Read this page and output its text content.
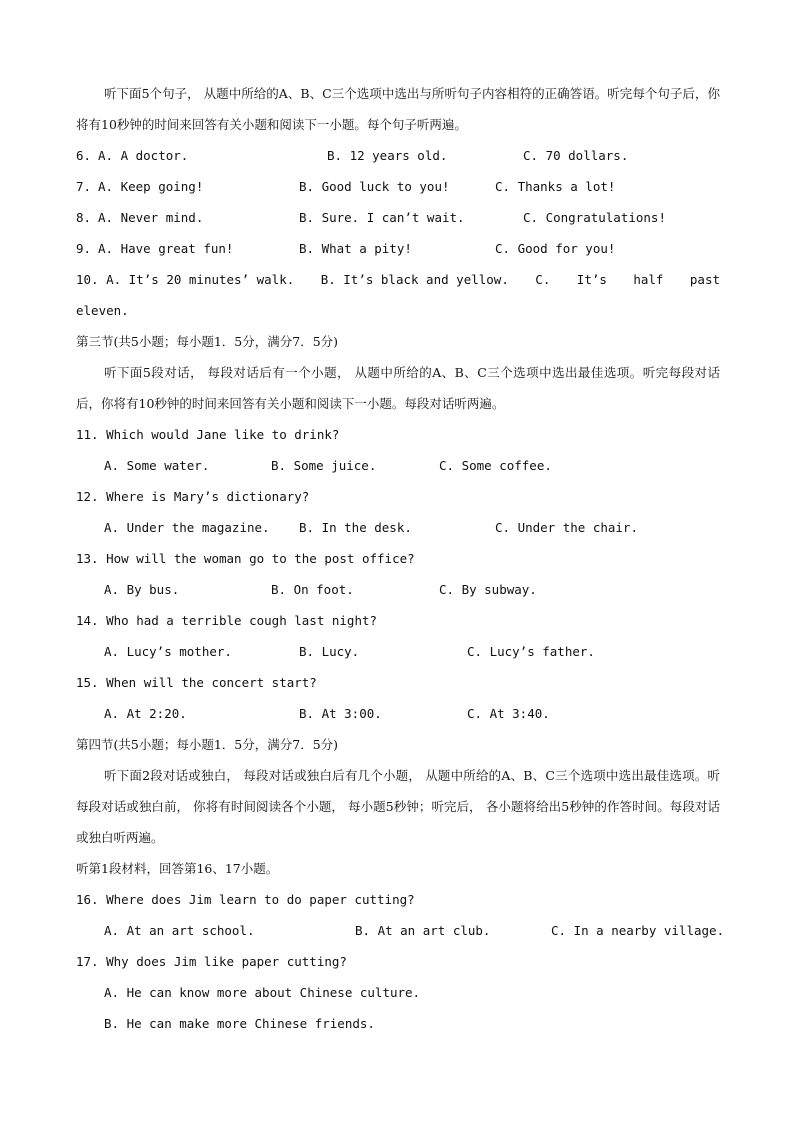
听下面5个句子， 从题中所给的A、B、C三个选项中选出与所听句子内容相符的正确答语。听完每个句子后，你将有10秒钟的时间来回答有关小题和阅读下一小题。每个句子听两遍。

6. A. A doctor.	B. 12 years old.	C. 70 dollars.
7. A. Keep going!	B. Good luck to you!	C. Thanks a lot!
8. A. Never mind.	B. Sure. I can’t wait.	C. Congratulations!
9. A. Have great fun!	B. What a pity!	C. Good for you!
10. A. It’s 20 minutes’ walk. B. It’s black and yellow. C. It’s half past
eleven.
第三节(共5小题；每小题1．5分，满分7．5分)

听下面5段对话， 每段对话后有一个小题， 从题中所给的A、B、C三个选项中选出最佳选项。听完每段对话后，你将有10秒钟的时间来回答有关小题和阅读下一小题。每段对话听两遍。

11. Which would Jane like to drink?
A. Some water.	B. Some juice.	C. Some coffee.
12. Where is Mary’s dictionary?
A. Under the magazine. B. In the desk.	C. Under the chair.
13. How will the woman go to the post office?
A. By bus.	B. On foot.	C. By subway.
14. Who had a terrible cough last night?
A. Lucy’s mother.	B. Lucy.	C. Lucy’s father.
15. When will the concert start?
A. At 2:20.	B. At 3:00.	C. At 3:40.
第四节(共5小题；每小题1．5分，满分7．5分)

听下面2段对话或独白， 每段对话或独白后有几个小题， 从题中所给的A、B、C三个选项中选出最佳选项。听每段对话或独白前， 你将有时间阅读各个小题， 每小题5秒钟；听完后， 各小题将给出5秒钟的作答时间。每段对话或独白听两遍。

听第1段材料，回答第16、17小题。
16. Where does Jim learn to do paper cutting?
A. At an art school.	B. At an art club.	C. In a nearby village.
17. Why does Jim like paper cutting?
A. He can know more about Chinese culture.
B. He can make more Chinese friends.
